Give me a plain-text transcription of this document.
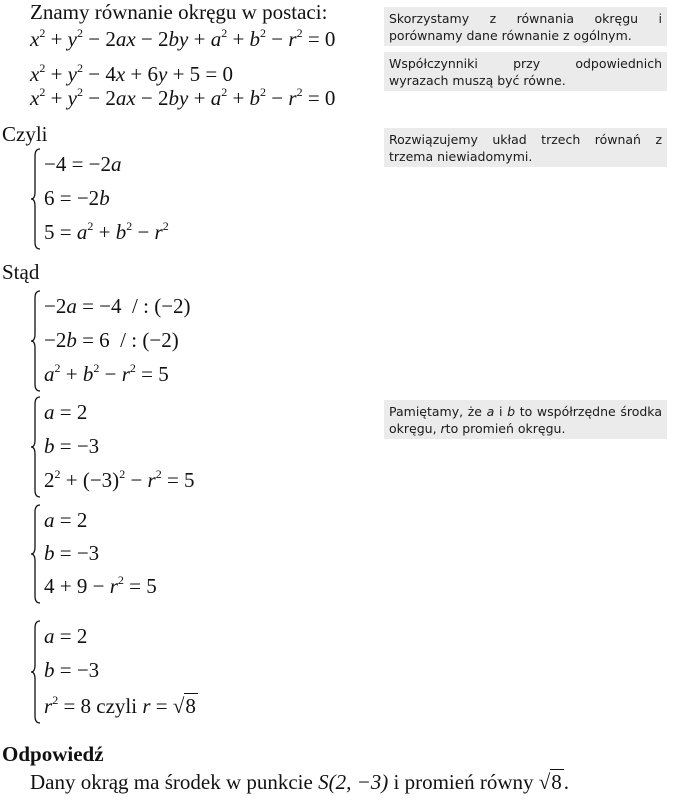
Znamy równanie okręgu w postaci:
$x^2 + y^2 - 2ax - 2by + a^2 + b^2 - r^2 = 0$
$x^2 + y^2 - 4x + 6y + 5 = 0$
$x^2 + y^2 - 2ax - 2by + a^2 + b^2 - r^2 = 0$
Skorzystamy z równania okręgu i porównamy dane równanie z ogólnym.
Współczynniki przy odpowiednich wyrazach muszą być równe.
Rozwiązujemy układ trzech równań z trzema niewiadomymi.
Pamiętamy, że a i b to współrzędne środka okręgu, rto promień okręgu.
Czyli
−4 = −2a
6 = −2b
$5 = a^2 + b^2 - r^2$
Stąd
−2a = −4  / : (−2)
−2b = 6  / : (−2)
$a^2 + b^2 - r^2 = 5$
a = 2
b = −3
$2^2 + (-3)^2 - r^2 = 5$
a = 2
b = −3
$4 + 9 - r^2 = 5$
a = 2
b = −3
$r^2 = 8$ czyli r = √8
Odpowiedź
Dany okrąg ma środek w punkcie S(2, −3) i promień równy √8.
